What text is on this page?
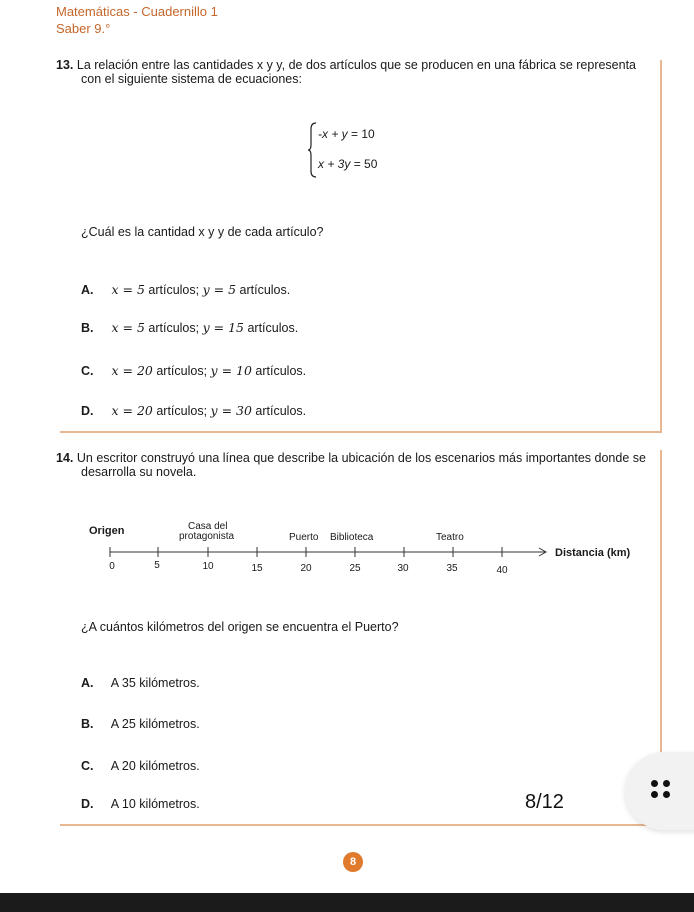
Matemáticas - Cuadernillo 1
Saber 9.°
13. La relación entre las cantidades x y y, de dos artículos que se producen en una fábrica se representa
con el siguiente sistema de ecuaciones:
-x + y = 10
x + 3y = 50
¿Cuál es la cantidad x y y de cada artículo?
A. x = 5 artículos; y = 5 artículos.
B. x = 5 artículos; y = 15 artículos.
C. x = 20 artículos; y = 10 artículos.
D. x = 20 artículos; y = 30 artículos.
14. Un escritor construyó una línea que describe la ubicación de los escenarios más importantes donde se
desarrolla su novela.
Origen	Casa del
protagonista	Puerto Biblioteca	Teatro
Distancia (km)
0	5	10	15	20	25	30	35	40
¿A cuántos kilómetros del origen se encuentra el Puerto?
A. A 35 kilómetros.
B. A 25 kilómetros.
C. A 20 kilómetros.
D. A 10 kilómetros.	8/12
8
